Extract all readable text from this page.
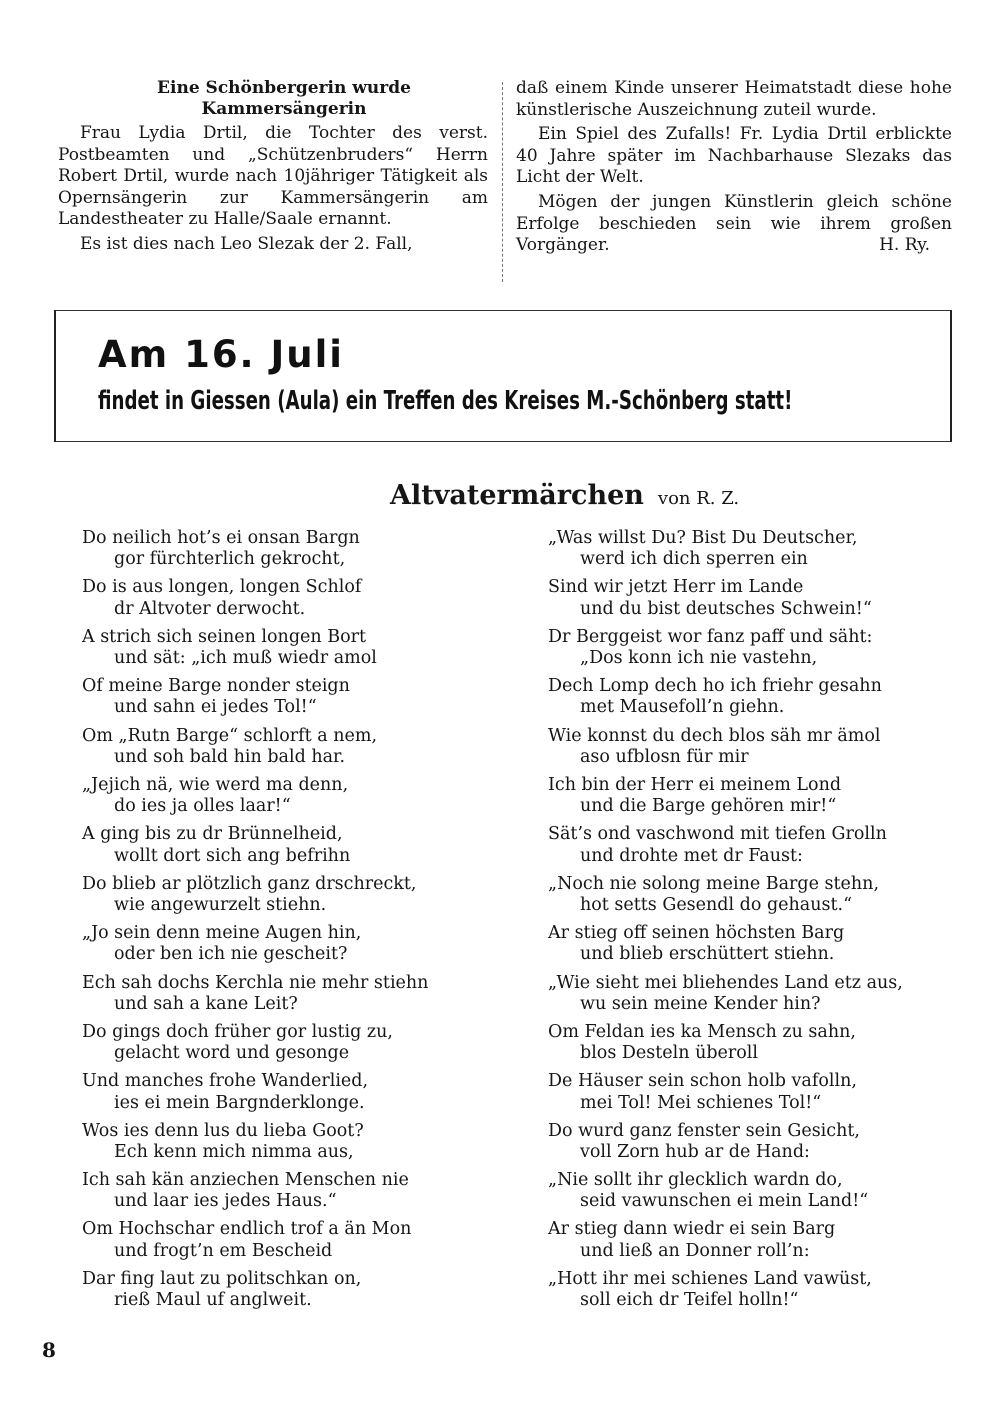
Eine Schönbergerin wurde Kammersängerin

Frau Lydia Drtil, die Tochter des verst. Postbeamten und „Schützenbruders“ Herrn Robert Drtil, wurde nach 10jähriger Tätigkeit als Opernsängerin zur Kammersängerin am Landestheater zu Halle/Saale ernannt.

Es ist dies nach Leo Slezak der 2. Fall,

daß einem Kinde unserer Heimatstadt diese hohe künstlerische Auszeichnung zuteil wurde.

Ein Spiel des Zufalls! Fr. Lydia Drtil erblickte 40 Jahre später im Nachbarhause Slezaks das Licht der Welt.

Mögen der jungen Künstlerin gleich schöne Erfolge beschieden sein wie ihrem großen Vorgänger.	H. Ry.

Am 16. Juli
findet in Giessen (Aula) ein Treffen des Kreises M.-Schönberg statt!
Altvatermärchen von R. Z.

Do neilich hot’s ei onsan Bargn
gor fürchterlich gekrocht,

Do is aus longen, longen Schlof
dr Altvoter derwocht.

A strich sich seinen longen Bort
und sät: „ich muß wiedr amol

Of meine Barge nonder steign
und sahn ei jedes Tol!“

Om „Rutn Barge“ schlorft a nem,
und soh bald hin bald har.

„Jejich nä, wie werd ma denn,
do ies ja olles laar!“

A ging bis zu dr Brünnelheid,
wollt dort sich ang befrihn

Do blieb ar plötzlich ganz drschreckt,
wie angewurzelt stiehn.

„Jo sein denn meine Augen hin,
oder ben ich nie gescheit?

Ech sah dochs Kerchla nie mehr stiehn
und sah a kane Leit?

Do gings doch früher gor lustig zu,
gelacht word und gesonge

Und manches frohe Wanderlied,
ies ei mein Bargnderklonge.

Wos ies denn lus du lieba Goot?
Ech kenn mich nimma aus,

Ich sah kän anziechen Menschen nie
und laar ies jedes Haus.“

Om Hochschar endlich trof a än Mon
und frogt’n em Bescheid

Dar fing laut zu politschkan on,
rieß Maul uf anglweit.

„Was willst Du? Bist Du Deutscher,
werd ich dich sperren ein

Sind wir jetzt Herr im Lande
und du bist deutsches Schwein!“

Dr Berggeist wor fanz paff und säht:
„Dos konn ich nie vastehn,

Dech Lomp dech ho ich friehr gesahn
met Mausefoll’n giehn.

Wie konnst du dech blos säh mr ämol
aso ufblosn für mir

Ich bin der Herr ei meinem Lond
und die Barge gehören mir!“

Sät’s ond vaschwond mit tiefen Grolln
und drohte met dr Faust:

„Noch nie solong meine Barge stehn,
hot setts Gesendl do gehaust.“

Ar stieg off seinen höchsten Barg
und blieb erschüttert stiehn.

„Wie sieht mei bliehendes Land etz aus,
wu sein meine Kender hin?

Om Feldan ies ka Mensch zu sahn,
blos Desteln überoll

De Häuser sein schon holb vafolln,
mei Tol! Mei schienes Tol!“

Do wurd ganz fenster sein Gesicht,
voll Zorn hub ar de Hand:

„Nie sollt ihr glecklich wardn do,
seid vawunschen ei mein Land!“

Ar stieg dann wiedr ei sein Barg
und ließ an Donner roll’n:

„Hott ihr mei schienes Land vawüst,
soll eich dr Teifel holln!“

8
